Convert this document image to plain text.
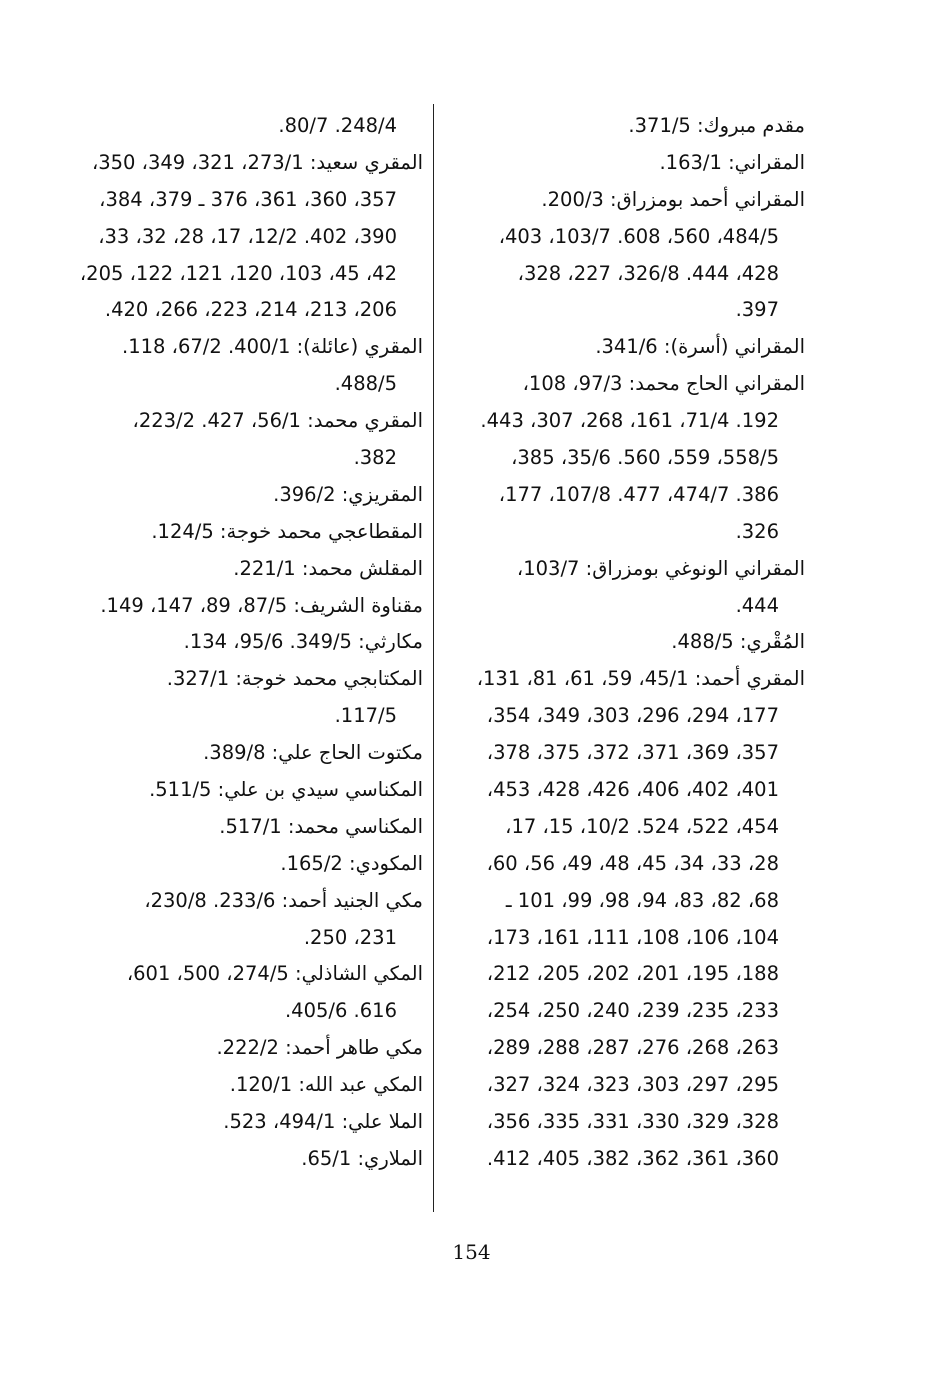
مقدم مبروك: 371/5.
المقراني: 163/1.
المقراني أحمد بومزراق: 200/3.
484/5، 560، 608. 103/7، 403،
428، 444. 326/8، 227، 328،
397.
المقراني (أسرة): 341/6.
المقراني الحاج محمد: 97/3، 108،
192. 71/4، 161، 268، 307، 443.
558/5، 559، 560. 35/6، 385،
386. 474/7، 477. 107/8، 177،
326.
المقراني الونوغي بومزراق: 103/7،
444.
المُقْري: 488/5.
المقري أحمد: 45/1، 59، 61، 81، 131،
177، 294، 296، 303، 349، 354،
357، 369، 371، 372، 375، 378،
401، 402، 406، 426، 428، 453،
454، 522، 524. 10/2، 15، 17،
28، 33، 34، 45، 48، 49، 56، 60،
68، 82، 83، 94، 98، 99، 101 ـ
104، 106، 108، 111، 161، 173،
188، 195، 201، 202، 205، 212،
233، 235، 239، 240، 250، 254،
263، 268، 276، 287، 288، 289،
295، 297، 303، 323، 324، 327،
328، 329، 330، 331، 335، 356،
360، 361، 362، 382، 405، 412.
248/4. 80/7.
المقري سعيد: 273/1، 321، 349، 350،
357، 360، 361، 376 ـ 379، 384،
390، 402. 12/2، 17، 28، 32، 33،
42، 45، 103، 120، 121، 122، 205،
206، 213، 214، 223، 266، 420.
المقري (عائلة): 400/1. 67/2، 118.
488/5.
المقري محمد: 56/1، 427. 223/2،
382.
المقريزي: 396/2.
المقطاعجي محمد خوجة: 124/5.
المقلش محمد: 221/1.
مقناوة الشريف: 87/5، 89، 147، 149.
مكارثي: 349/5. 95/6، 134.
المكتابجي محمد خوجة: 327/1.
117/5.
مكتوت الحاج علي: 389/8.
المكناسي سيدي بن علي: 511/5.
المكناسي محمد: 517/1.
المكودي: 165/2.
مكي الجنيد أحمد: 233/6. 230/8،
231، 250.
المكي الشاذلي: 274/5، 500، 601،
616. 405/6.
مكي طاهر أحمد: 222/2.
المكي عبد الله: 120/1.
الملا علي: 494/1، 523.
الملاري: 65/1.
154
